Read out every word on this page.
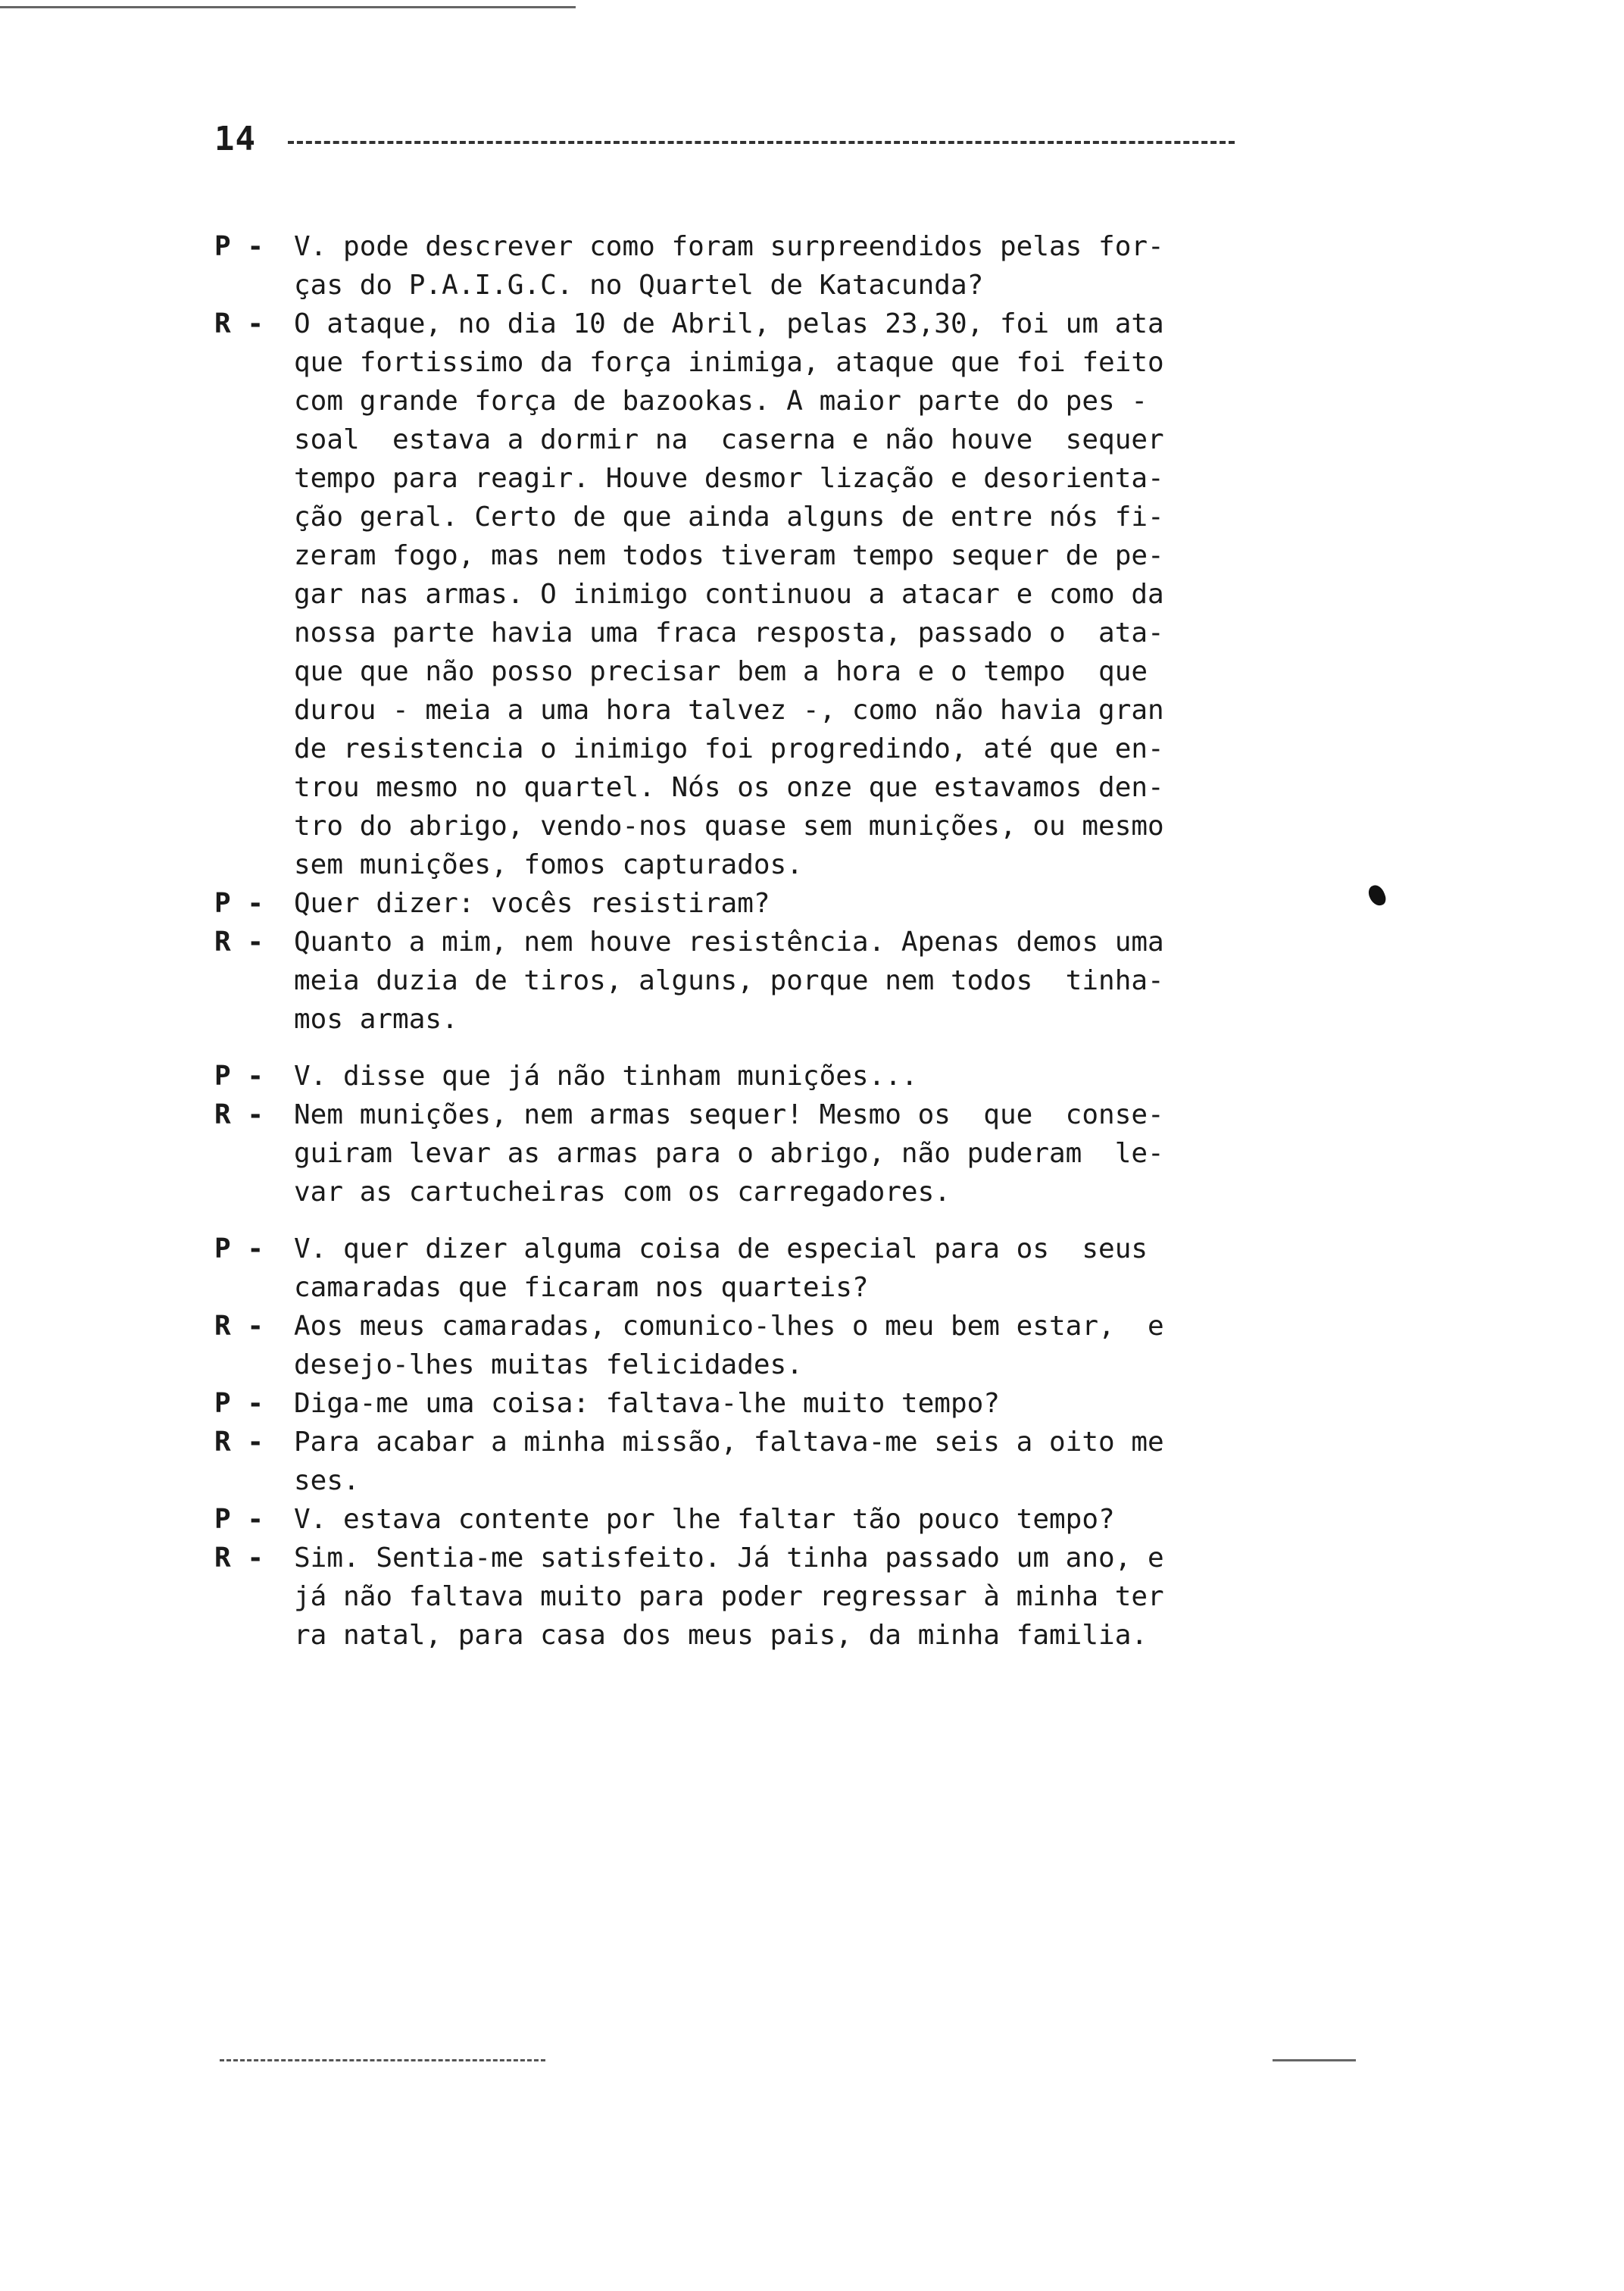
14
P -	V. pode descrever como foram surpreendidos pelas for-
ças do P.A.I.G.C. no Quartel de Katacunda?
R -	O ataque, no dia 10 de Abril, pelas 23,30, foi um ata
que fortissimo da força inimiga, ataque que foi feito
com grande força de bazookas. A maior parte do pes -
soal  estava a dormir na  caserna e não houve  sequer
tempo para reagir. Houve desmor lização e desorienta-
ção geral. Certo de que ainda alguns de entre nós fi-
zeram fogo, mas nem todos tiveram tempo sequer de pe-
gar nas armas. O inimigo continuou a atacar e como da
nossa parte havia uma fraca resposta, passado o  ata-
que que não posso precisar bem a hora e o tempo  que
durou - meia a uma hora talvez -, como não havia gran
de resistencia o inimigo foi progredindo, até que en-
trou mesmo no quartel. Nós os onze que estavamos den-
tro do abrigo, vendo-nos quase sem munições, ou mesmo
sem munições, fomos capturados.
P -	Quer dizer: vocês resistiram?
R -	Quanto a mim, nem houve resistência. Apenas demos uma
meia duzia de tiros, alguns, porque nem todos  tinha-
mos armas.
P -	V. disse que já não tinham munições...
R -	Nem munições, nem armas sequer! Mesmo os  que  conse-
guiram levar as armas para o abrigo, não puderam  le-
var as cartucheiras com os carregadores.
P -	V. quer dizer alguma coisa de especial para os  seus
camaradas que ficaram nos quarteis?
R -	Aos meus camaradas, comunico-lhes o meu bem estar,  e
desejo-lhes muitas felicidades.
P -	Diga-me uma coisa: faltava-lhe muito tempo?
R -	Para acabar a minha missão, faltava-me seis a oito me
ses.
P -	V. estava contente por lhe faltar tão pouco tempo?
R -	Sim. Sentia-me satisfeito. Já tinha passado um ano, e
já não faltava muito para poder regressar à minha ter
ra natal, para casa dos meus pais, da minha familia.
